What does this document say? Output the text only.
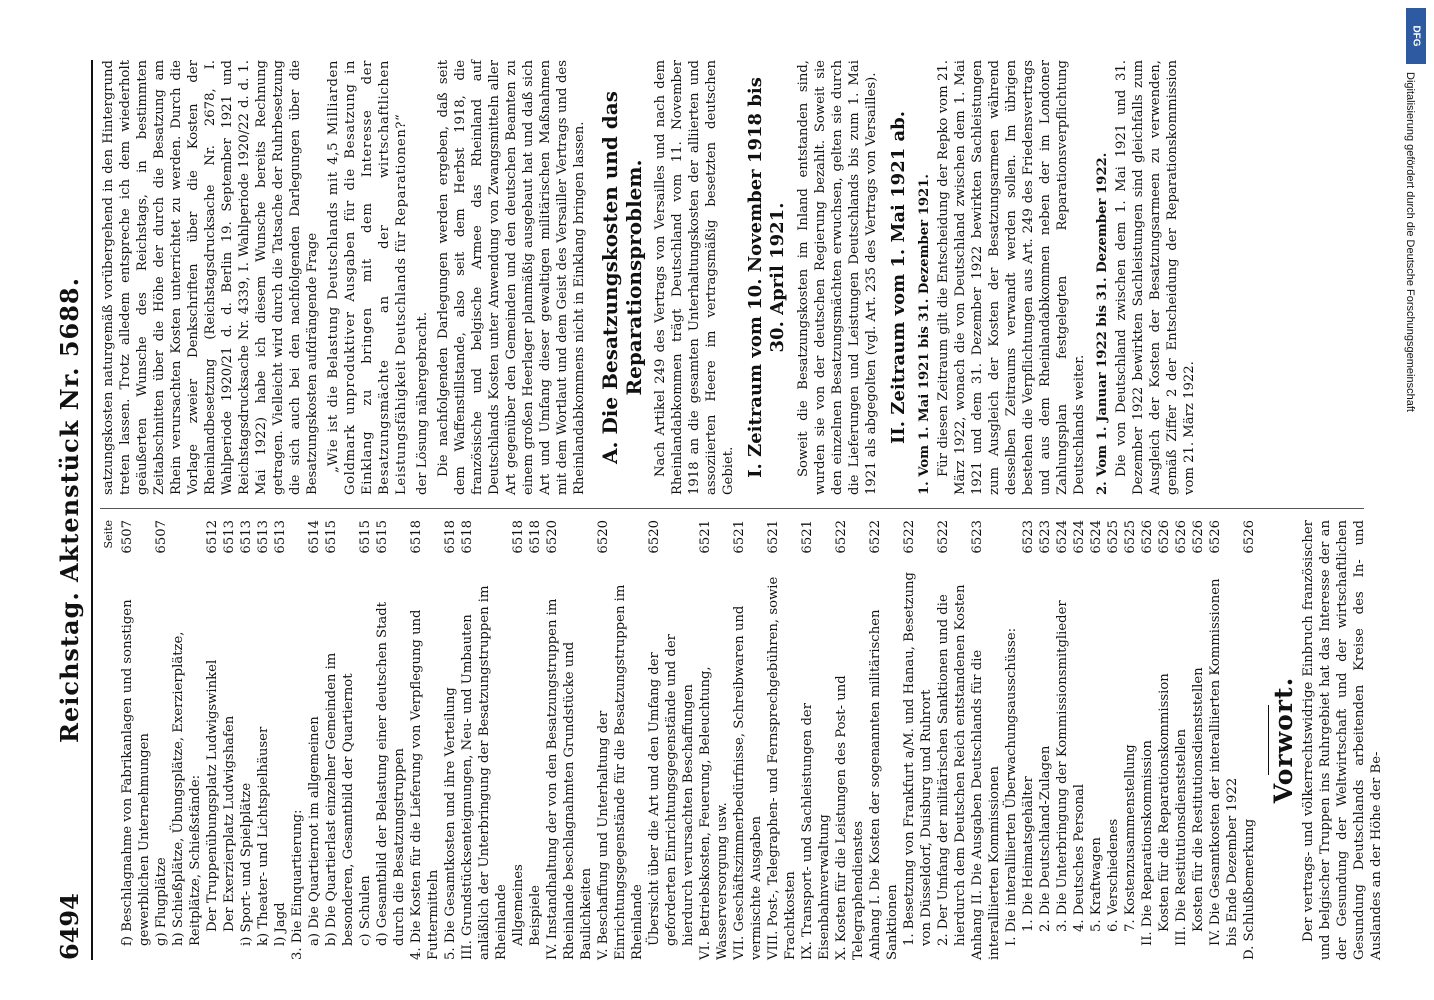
6494
Reichstag. Aktenstück Nr. 5688. Seite
f) Beschlagnahme von Fabrikanlagen und sonstigen gewerblichen Unternehmungen
6507
g) Flugplätze
6507
h) Schießplätze, Übungsplätze, Exerzierplätze, Reitplätze, Schießstände: Der Truppenübungsplatz Ludwigswinkel
6512
Der Exerzierplatz Ludwigshafen
6513
i) Sport- und Spielplätze
6513
k) Theater- und Lichtspielhäuser
6513
l) Jagd
6513
3. Die Einquartierung: a) Die Quartiernot im allgemeinen
6514
b) Die Quartierlast einzelner Gemeinden im besonderen, Gesamtbild der Quartiernot
6515
c) Schulen
6515
d) Gesamtbild der Belastung einer deutschen Stadt durch die Besatzungstruppen
6515
4. Die Kosten für die Lieferung von Verpflegung und Futtermitteln
6518
5. Die Gesamtkosten und ihre Verteilung
6518
III. Grundstücksenteignungen, Neu- und Umbauten anläßlich der Unterbringung der Besatzungstruppen im Rheinlande
6518
Allgemeines
6518
Beispiele
6518
IV. Instandhaltung der von den Besatzungstruppen im Rheinlande beschlagnahmten Grundstücke und Baulichkeiten
6520
V. Beschaffung und Unterhaltung der Einrichtungsgegenstände für die Besatzungstruppen im Rheinlande
6520
Übersicht über die Art und den Umfang der geforderten Einrichtungsgegenstände und der hierdurch verursachten Beschaffungen
6520
VI. Betriebskosten, Feuerung, Beleuchtung, Wasserversorgung usw.
6521
VII. Geschäftszimmerbedürfnisse, Schreibwaren und vermischte Ausgaben
6521
VIII. Post-, Telegraphen- und Fernsprechgebühren, sowie Frachtkosten
6521
IX. Transport- und Sachleistungen der Eisenbahnverwaltung
6521
X. Kosten für die Leistungen des Post- und Telegraphendienstes
6522
Anhang I. Die Kosten der sogenannten militärischen Sanktionen
6522
1. Besetzung von Frankfurt a/M. und Hanau, Besetzung von Düsseldorf, Duisburg und Ruhrort
6522
2. Der Umfang der militärischen Sanktionen und die hierdurch dem Deutschen Reich entstandenen Kosten
6522
Anhang II. Die Ausgaben Deutschlands für die interalliierten Kommissionen
6523
I. Die interalliierten Überwachungsausschüsse: 1. Die Heimatsgehälter
6523
2. Die Deutschland-Zulagen
6523
3. Die Unterbringung der Kommissionsmitglieder
6524
4. Deutsches Personal
6524
5. Kraftwagen
6524
6. Verschiedenes
6525
7. Kostenzusammenstellung
6525
II. Die Reparationskommission
6526
Kosten für die Reparationskommission
6526
III. Die Restitutionsdienststellen
6526
Kosten für die Restitutionsdienststellen
6526
IV. Die Gesamtkosten der interalliierten Kommissionen bis Ende Dezember 1922
6526
D. Schlußbemerkung
6526
Vorwort. Der vertrags- und völkerrechtswidrige Einbruch französischer und belgischer Truppen ins Ruhrgebiet hat das Interesse der an der Gesundung der Weltwirtschaft und der wirtschaftlichen Gesundung Deutschlands arbeitenden Kreise des In- und Auslandes an der Höhe der Be-

satzungskosten naturgemäß vorübergehend in den Hintergrund treten lassen. Trotz alledem entspreche ich dem wiederholt geäußerten Wunsche des Reichstags, in bestimmten Zeitabschnitten über die Höhe der durch die Besatzung am Rhein verursachten Kosten unterrichtet zu werden. Durch die Vorlage zweier Denkschriften über die Kosten der Rheinlandbesetzung (Reichstagsdrucksache Nr. 2678, I. Wahlperiode 1920/21 d. d. Berlin 19. September 1921 und Reichstagsdrucksache Nr. 4339, I. Wahlperiode 1920/22 d. d. 1. Mai 1922) habe ich diesem Wunsche bereits Rechnung getragen. Vielleicht wird durch die Tatsache der Ruhrbesetzung die sich auch bei den nachfolgenden Darlegungen über die Besatzungskosten aufdrängende Frage „Wie ist die Belastung Deutschlands mit 4,5 Milliarden Goldmark unproduktiver Ausgaben für die Besatzung in Einklang zu bringen mit dem Interesse der Besatzungsmächte an der wirtschaftlichen Leistungsfähigkeit Deutschlands für Reparationen?“ der Lösung nähergebracht. Die nachfolgenden Darlegungen werden ergeben, daß seit dem Waffenstillstande, also seit dem Herbst 1918, die französische und belgische Armee das Rheinland auf Deutschlands Kosten unter Anwendung von Zwangsmitteln aller Art gegenüber den Gemeinden und den deutschen Beamten zu einem großen Heerlager planmäßig ausgebaut hat und daß sich Art und Umfang dieser gewaltigen militärischen Maßnahmen mit dem Wortlaut und dem Geist des Versailler Vertrags und des Rheinlandabkommens nicht in Einklang bringen lassen. A. Die Besatzungskosten und das Reparationsproblem. Nach Artikel 249 des Vertrags von Versailles und nach dem Rheinlandabkommen trägt Deutschland vom 11. November 1918 an die gesamten Unterhaltungskosten der alliierten und assoziierten Heere im vertragsmäßig besetzten deutschen Gebiet. I. Zeitraum vom 10. November 1918 bis 30. April 1921. Soweit die Besatzungskosten im Inland entstanden sind, wurden sie von der deutschen Regierung bezahlt. Soweit sie den einzelnen Besatzungsmächten erwuchsen, gelten sie durch die Lieferungen und Leistungen Deutschlands bis zum 1. Mai 1921 als abgegolten (vgl. Art. 235 des Vertrags von Versailles). II. Zeitraum vom 1. Mai 1921 ab. 1. Vom 1. Mai 1921 bis 31. Dezember 1921. Für diesen Zeitraum gilt die Entscheidung der Repko vom 21. März 1922, wonach die von Deutschland zwischen dem 1. Mai 1921 und dem 31. Dezember 1922 bewirkten Sachleistungen zum Ausgleich der Kosten der Besatzungsarmeen während desselben Zeitraums verwandt werden sollen. Im übrigen bestehen die Verpflichtungen aus Art. 249 des Friedensvertrags und aus dem Rheinlandabkommen neben der im Londoner Zahlungsplan festgelegten Reparationsverpflichtung Deutschlands weiter. 2. Vom 1. Januar 1922 bis 31. Dezember 1922. Die von Deutschland zwischen dem 1. Mai 1921 und 31. Dezember 1922 bewirkten Sachleistungen sind gleichfalls zum Ausgleich der Kosten der Besatzungsarmeen zu verwenden, gemäß Ziffer 2 der Entscheidung der Reparationskommission vom 21. März 1922.

DFG
Digitalisierung gefördert durch die Deutsche Forschungsgemeinschaft
